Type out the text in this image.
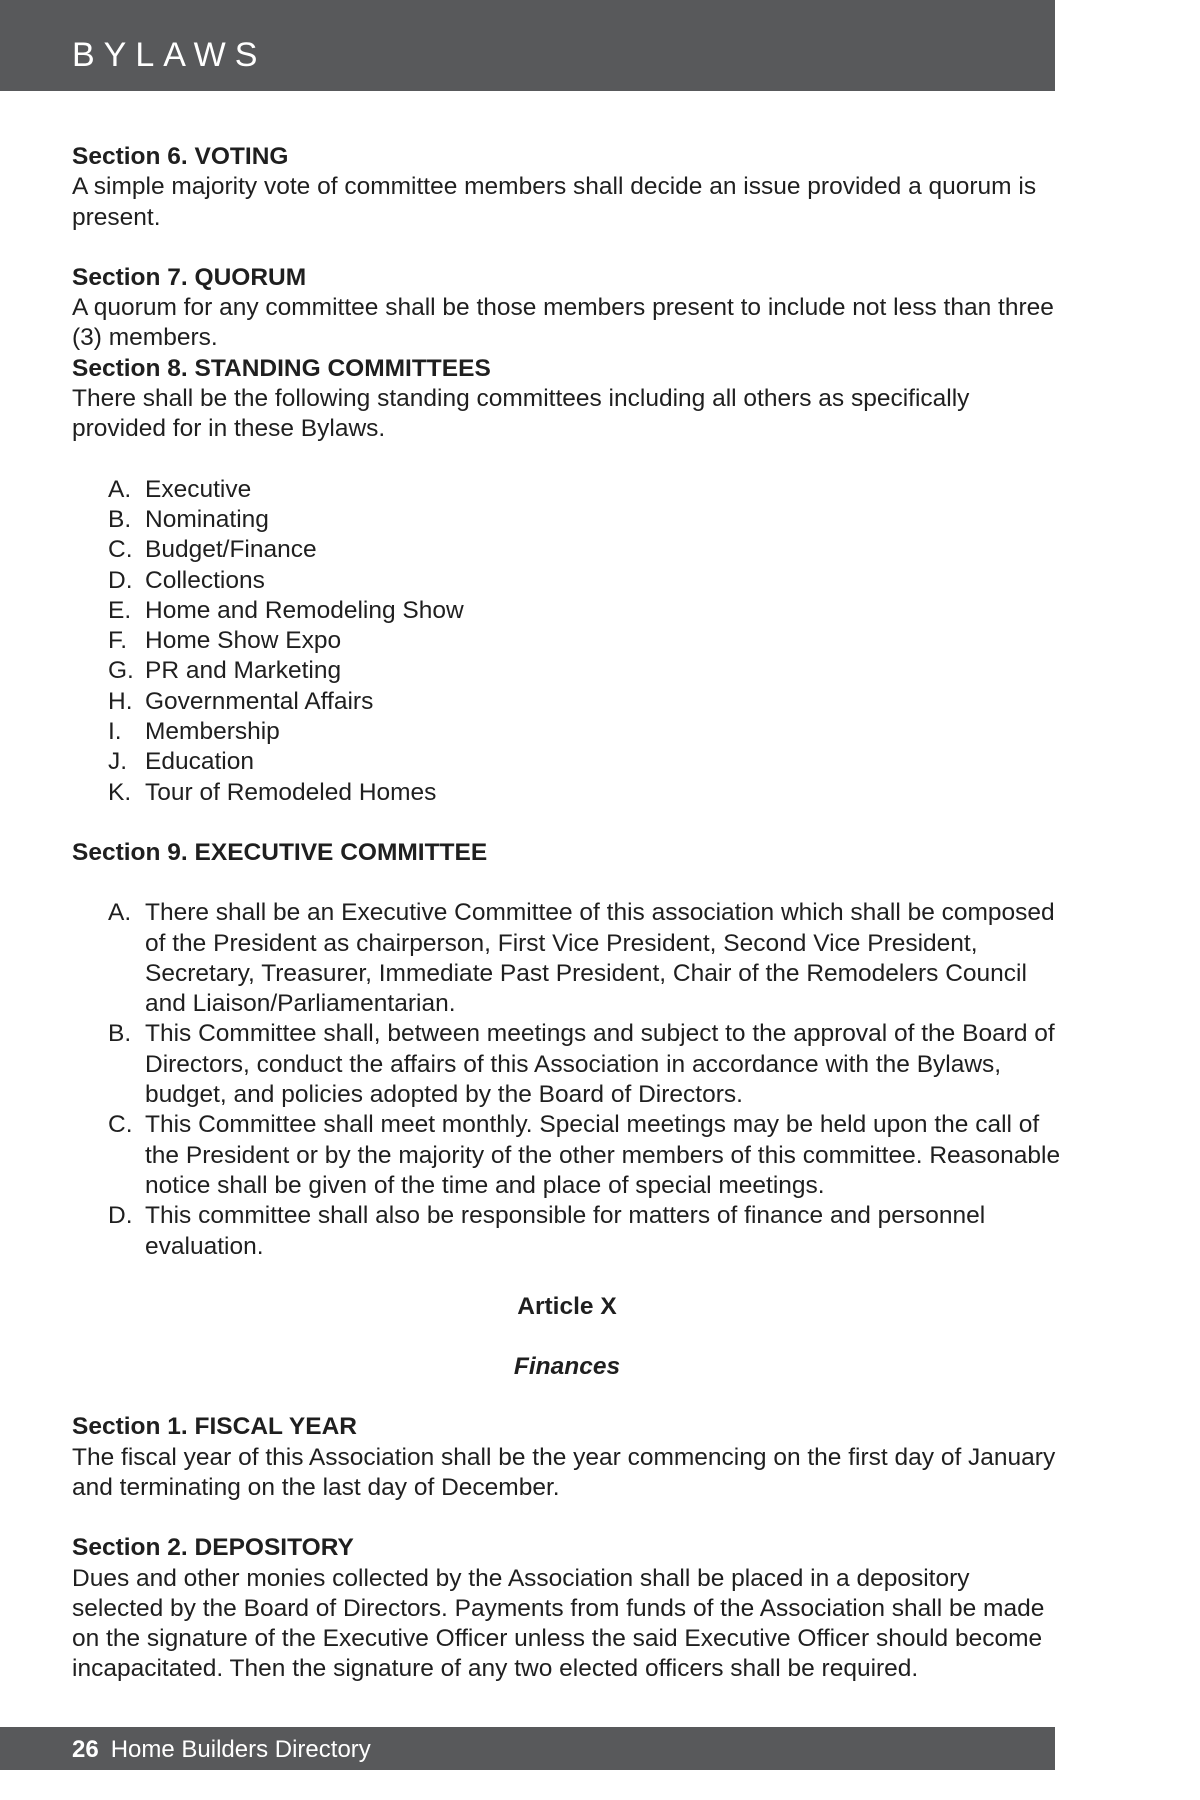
BYLAWS
Section 6. VOTING
A simple majority vote of committee members shall decide an issue provided a quorum is present.
Section 7. QUORUM
A quorum for any committee shall be those members present to include not less than three (3) members.
Section 8. STANDING COMMITTEES
There shall be the following standing committees including all others as specifically provided for in these Bylaws.
A. Executive
B. Nominating
C. Budget/Finance
D. Collections
E. Home and Remodeling Show
F. Home Show Expo
G. PR and Marketing
H. Governmental Affairs
I. Membership
J. Education
K. Tour of Remodeled Homes
Section 9. EXECUTIVE COMMITTEE
A. There shall be an Executive Committee of this association which shall be composed of the President as chairperson, First Vice President, Second Vice President, Secretary, Treasurer, Immediate Past President, Chair of the Remodelers Council and Liaison/Parliamentarian.
B. This Committee shall, between meetings and subject to the approval of the Board of Directors, conduct the affairs of this Association in accordance with the Bylaws, budget, and policies adopted by the Board of Directors.
C. This Committee shall meet monthly. Special meetings may be held upon the call of the President or by the majority of the other members of this committee. Reasonable notice shall be given of the time and place of special meetings.
D. This committee shall also be responsible for matters of finance and personnel evaluation.
Article X
Finances
Section 1. FISCAL YEAR
The fiscal year of this Association shall be the year commencing on the first day of January and terminating on the last day of December.
Section 2. DEPOSITORY
Dues and other monies collected by the Association shall be placed in a depository selected by the Board of Directors. Payments from funds of the Association shall be made on the signature of the Executive Officer unless the said Executive Officer should become incapacitated. Then the signature of any two elected officers shall be required.
26 Home Builders Directory
